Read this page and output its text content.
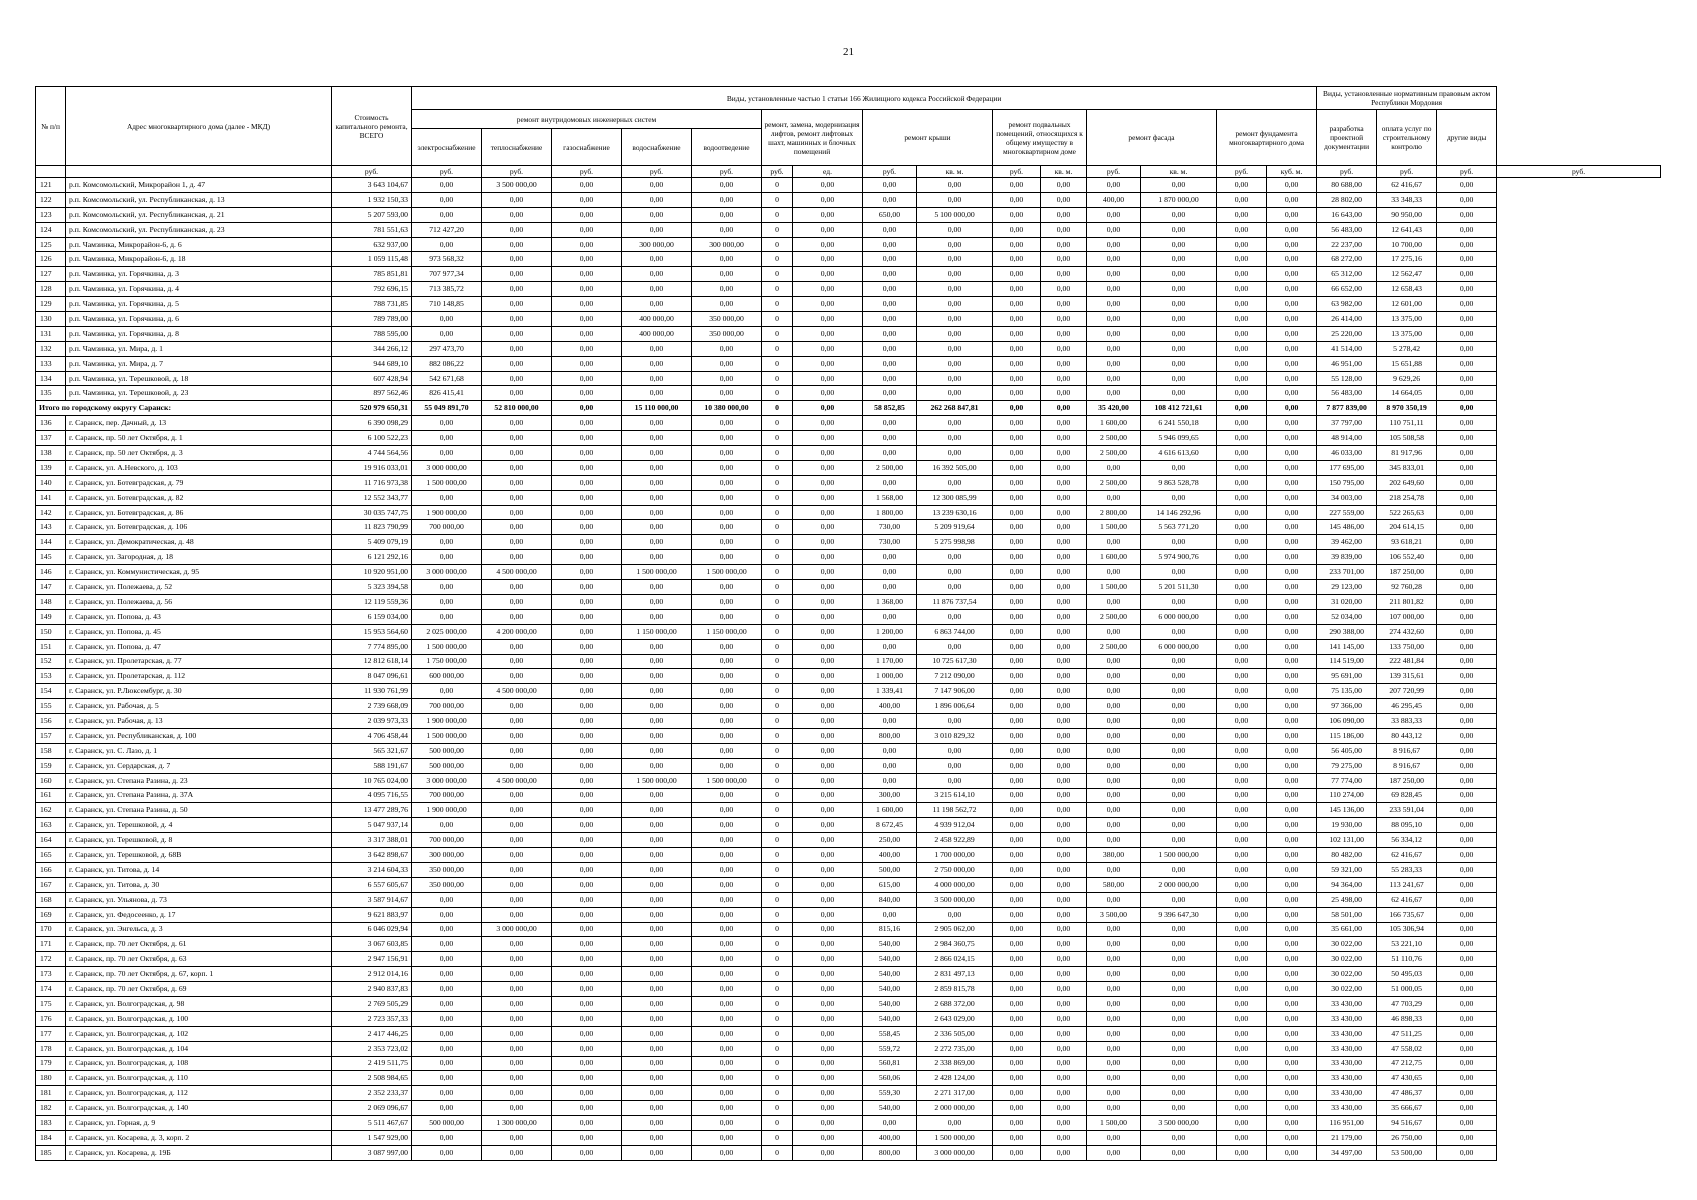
21
№ п/п	Адрес многоквартирного дома (далее - МКД)	Стоимость капитального ремонта, ВСЕГО	Виды, установленные частью 1 статьи 166 Жилищного кодекса Российской Федерации															Виды, установленные нормативным правовым актом Республики Мордовия			
			ремонт внутридомовых инженерных систем					ремонт, замена, модернизация лифтов, ремонт лифтовых шахт, машинных и блочных помещений		ремонт крыши		ремонт подвальных помещений, относящихся к общему имуществу в многоквартирном доме		ремонт фасада		ремонт фундамента многоквартирного дома		разработка проектной документации	оплата услуг по строительному контролю	другие виды	
			электроснабжение	теплоснабжение	газоснабжение	водоснабжение	водоотведение														
		руб.	руб.	руб.	руб.	руб.	руб.	руб.	ед.	руб.	кв. м.	руб.	кв. м.	руб.	кв. м.	руб.	куб. м.	руб.	руб.	руб.	руб.
121	р.п. Комсомольский, Микрорайон 1, д. 47	3 643 104,67	0,00	3 500 000,00	0,00	0,00	0,00	0	0,00	0,00	0,00	0,00	0,00	0,00	0,00	0,00	0,00	80 688,00	62 416,67	0,00	
122	р.п. Комсомольский, ул. Республиканская, д. 13	1 932 150,33	0,00	0,00	0,00	0,00	0,00	0	0,00	0,00	0,00	0,00	0,00	400,00	1 870 000,00	0,00	0,00	28 802,00	33 348,33	0,00	
123	р.п. Комсомольский, ул. Республиканская, д. 21	5 207 593,00	0,00	0,00	0,00	0,00	0,00	0	0,00	650,00	5 100 000,00	0,00	0,00	0,00	0,00	0,00	0,00	16 643,00	90 950,00	0,00	
124	р.п. Комсомольский, ул. Республиканская, д. 23	781 551,63	712 427,20	0,00	0,00	0,00	0,00	0	0,00	0,00	0,00	0,00	0,00	0,00	0,00	0,00	0,00	56 483,00	12 641,43	0,00	
125	р.п. Чамзинка, Микрорайон-6, д. 6	632 937,00	0,00	0,00	0,00	300 000,00	300 000,00	0	0,00	0,00	0,00	0,00	0,00	0,00	0,00	0,00	0,00	22 237,00	10 700,00	0,00	
126	р.п. Чамзинка, Микрорайон-6, д. 18	1 059 115,48	973 568,32	0,00	0,00	0,00	0,00	0	0,00	0,00	0,00	0,00	0,00	0,00	0,00	0,00	0,00	68 272,00	17 275,16	0,00	
127	р.п. Чамзинка, ул. Горячкина, д. 3	785 851,81	707 977,34	0,00	0,00	0,00	0,00	0	0,00	0,00	0,00	0,00	0,00	0,00	0,00	0,00	0,00	65 312,00	12 562,47	0,00	
128	р.п. Чамзинка, ул. Горячкина, д. 4	792 696,15	713 385,72	0,00	0,00	0,00	0,00	0	0,00	0,00	0,00	0,00	0,00	0,00	0,00	0,00	0,00	66 652,00	12 658,43	0,00	
129	р.п. Чамзинка, ул. Горячкина, д. 5	788 731,85	710 148,85	0,00	0,00	0,00	0,00	0	0,00	0,00	0,00	0,00	0,00	0,00	0,00	0,00	0,00	63 982,00	12 601,00	0,00	
130	р.п. Чамзинка, ул. Горячкина, д. 6	789 789,00	0,00	0,00	0,00	400 000,00	350 000,00	0	0,00	0,00	0,00	0,00	0,00	0,00	0,00	0,00	0,00	26 414,00	13 375,00	0,00	
131	р.п. Чамзинка, ул. Горячкина, д. 8	788 595,00	0,00	0,00	0,00	400 000,00	350 000,00	0	0,00	0,00	0,00	0,00	0,00	0,00	0,00	0,00	0,00	25 220,00	13 375,00	0,00	
132	р.п. Чамзинка, ул. Мира, д. 1	344 266,12	297 473,70	0,00	0,00	0,00	0,00	0	0,00	0,00	0,00	0,00	0,00	0,00	0,00	0,00	0,00	41 514,00	5 278,42	0,00	
133	р.п. Чамзинка, ул. Мира, д. 7	944 689,10	882 086,22	0,00	0,00	0,00	0,00	0	0,00	0,00	0,00	0,00	0,00	0,00	0,00	0,00	0,00	46 951,00	15 651,88	0,00	
134	р.п. Чамзинка, ул. Терешковой, д. 18	607 428,94	542 671,68	0,00	0,00	0,00	0,00	0	0,00	0,00	0,00	0,00	0,00	0,00	0,00	0,00	0,00	55 128,00	9 629,26	0,00	
135	р.п. Чамзинка, ул. Терешковой, д. 23	897 562,46	826 415,41	0,00	0,00	0,00	0,00	0	0,00	0,00	0,00	0,00	0,00	0,00	0,00	0,00	0,00	56 483,00	14 664,05	0,00	
Итого по городскому округу Саранск:		520 979 650,31	55 049 891,70	52 810 000,00	0,00	15 110 000,00	10 380 000,00	0	0,00	58 852,85	262 268 847,81	0,00	0,00	35 420,00	108 412 721,61	0,00	0,00	7 877 839,00	8 970 350,19	0,00	
136	г. Саранск, пер. Дачный, д. 13	6 390 098,29	0,00	0,00	0,00	0,00	0,00	0	0,00	0,00	0,00	0,00	0,00	1 600,00	6 241 550,18	0,00	0,00	37 797,00	110 751,11	0,00	
137	г. Саранск, пр. 50 лет Октября, д. 1	6 100 522,23	0,00	0,00	0,00	0,00	0,00	0	0,00	0,00	0,00	0,00	0,00	2 500,00	5 946 099,65	0,00	0,00	48 914,00	105 508,58	0,00	
138	г. Саранск, пр. 50 лет Октября, д. 3	4 744 564,56	0,00	0,00	0,00	0,00	0,00	0	0,00	0,00	0,00	0,00	0,00	2 500,00	4 616 613,60	0,00	0,00	46 033,00	81 917,96	0,00	
139	г. Саранск, ул. А.Невского, д. 103	19 916 033,01	3 000 000,00	0,00	0,00	0,00	0,00	0	0,00	2 500,00	16 392 505,00	0,00	0,00	0,00	0,00	0,00	0,00	177 695,00	345 833,01	0,00	
140	г. Саранск, ул. Ботевградская, д. 79	11 716 973,38	1 500 000,00	0,00	0,00	0,00	0,00	0	0,00	0,00	0,00	0,00	0,00	2 500,00	9 863 528,78	0,00	0,00	150 795,00	202 649,60	0,00	
141	г. Саранск, ул. Ботевградская, д. 82	12 552 343,77	0,00	0,00	0,00	0,00	0,00	0	0,00	1 568,00	12 300 085,99	0,00	0,00	0,00	0,00	0,00	0,00	34 003,00	218 254,78	0,00	
142	г. Саранск, ул. Ботевградская, д. 86	30 035 747,75	1 900 000,00	0,00	0,00	0,00	0,00	0	0,00	1 800,00	13 239 630,16	0,00	0,00	2 800,00	14 146 292,96	0,00	0,00	227 559,00	522 265,63	0,00	
143	г. Саранск, ул. Ботевградская, д. 106	11 823 790,99	700 000,00	0,00	0,00	0,00	0,00	0	0,00	730,00	5 209 919,64	0,00	0,00	1 500,00	5 563 771,20	0,00	0,00	145 486,00	204 614,15	0,00	
144	г. Саранск, ул. Демократическая, д. 48	5 409 079,19	0,00	0,00	0,00	0,00	0,00	0	0,00	730,00	5 275 998,98	0,00	0,00	0,00	0,00	0,00	0,00	39 462,00	93 618,21	0,00	
145	г. Саранск, ул. Загородная, д. 18	6 121 292,16	0,00	0,00	0,00	0,00	0,00	0	0,00	0,00	0,00	0,00	0,00	1 600,00	5 974 900,76	0,00	0,00	39 839,00	106 552,40	0,00	
146	г. Саранск, ул. Коммунистическая, д. 95	10 920 951,00	3 000 000,00	4 500 000,00	0,00	1 500 000,00	1 500 000,00	0	0,00	0,00	0,00	0,00	0,00	0,00	0,00	0,00	0,00	233 701,00	187 250,00	0,00	
147	г. Саранск, ул. Полежаева, д. 52	5 323 394,58	0,00	0,00	0,00	0,00	0,00	0	0,00	0,00	0,00	0,00	0,00	1 500,00	5 201 511,30	0,00	0,00	29 123,00	92 760,28	0,00	
148	г. Саранск, ул. Полежаева, д. 56	12 119 559,36	0,00	0,00	0,00	0,00	0,00	0	0,00	1 368,00	11 876 737,54	0,00	0,00	0,00	0,00	0,00	0,00	31 020,00	211 801,82	0,00	
149	г. Саранск, ул. Попова, д. 43	6 159 034,00	0,00	0,00	0,00	0,00	0,00	0	0,00	0,00	0,00	0,00	0,00	2 500,00	6 000 000,00	0,00	0,00	52 034,00	107 000,00	0,00	
150	г. Саранск, ул. Попова, д. 45	15 953 564,60	2 025 000,00	4 200 000,00	0,00	1 150 000,00	1 150 000,00	0	0,00	1 200,00	6 863 744,00	0,00	0,00	0,00	0,00	0,00	0,00	290 388,00	274 432,60	0,00	
151	г. Саранск, ул. Попова, д. 47	7 774 895,00	1 500 000,00	0,00	0,00	0,00	0,00	0	0,00	0,00	0,00	0,00	0,00	2 500,00	6 000 000,00	0,00	0,00	141 145,00	133 750,00	0,00	
152	г. Саранск, ул. Пролетарская, д. 77	12 812 618,14	1 750 000,00	0,00	0,00	0,00	0,00	0	0,00	1 170,00	10 725 617,30	0,00	0,00	0,00	0,00	0,00	0,00	114 519,00	222 481,84	0,00	
153	г. Саранск, ул. Пролетарская, д. 112	8 047 096,61	600 000,00	0,00	0,00	0,00	0,00	0	0,00	1 000,00	7 212 090,00	0,00	0,00	0,00	0,00	0,00	0,00	95 691,00	139 315,61	0,00	
154	г. Саранск, ул. Р.Люксембург, д. 30	11 930 761,99	0,00	4 500 000,00	0,00	0,00	0,00	0	0,00	1 339,41	7 147 906,00	0,00	0,00	0,00	0,00	0,00	0,00	75 135,00	207 720,99	0,00	
155	г. Саранск, ул. Рабочая, д. 5	2 739 668,09	700 000,00	0,00	0,00	0,00	0,00	0	0,00	400,00	1 896 006,64	0,00	0,00	0,00	0,00	0,00	0,00	97 366,00	46 295,45	0,00	
156	г. Саранск, ул. Рабочая, д. 13	2 039 973,33	1 900 000,00	0,00	0,00	0,00	0,00	0	0,00	0,00	0,00	0,00	0,00	0,00	0,00	0,00	0,00	106 090,00	33 883,33	0,00	
157	г. Саранск, ул. Республиканская, д. 100	4 706 458,44	1 500 000,00	0,00	0,00	0,00	0,00	0	0,00	800,00	3 010 829,32	0,00	0,00	0,00	0,00	0,00	0,00	115 186,00	80 443,12	0,00	
158	г. Саранск, ул. С. Лазо, д. 1	565 321,67	500 000,00	0,00	0,00	0,00	0,00	0	0,00	0,00	0,00	0,00	0,00	0,00	0,00	0,00	0,00	56 405,00	8 916,67	0,00	
159	г. Саранск, ул. Сердарская, д. 7	588 191,67	500 000,00	0,00	0,00	0,00	0,00	0	0,00	0,00	0,00	0,00	0,00	0,00	0,00	0,00	0,00	79 275,00	8 916,67	0,00	
160	г. Саранск, ул. Степана Разина, д. 23	10 765 024,00	3 000 000,00	4 500 000,00	0,00	1 500 000,00	1 500 000,00	0	0,00	0,00	0,00	0,00	0,00	0,00	0,00	0,00	0,00	77 774,00	187 250,00	0,00	
161	г. Саранск, ул. Степана Разина, д. 37А	4 095 716,55	700 000,00	0,00	0,00	0,00	0,00	0	0,00	300,00	3 215 614,10	0,00	0,00	0,00	0,00	0,00	0,00	110 274,00	69 828,45	0,00	
162	г. Саранск, ул. Степана Разина, д. 50	13 477 289,76	1 900 000,00	0,00	0,00	0,00	0,00	0	0,00	1 600,00	11 198 562,72	0,00	0,00	0,00	0,00	0,00	0,00	145 136,00	233 591,04	0,00	
163	г. Саранск, ул. Терешковой, д. 4	5 047 937,14	0,00	0,00	0,00	0,00	0,00	0	0,00	8 672,45	4 939 912,04	0,00	0,00	0,00	0,00	0,00	0,00	19 930,00	88 095,10	0,00	
164	г. Саранск, ул. Терешковой, д. 8	3 317 388,01	700 000,00	0,00	0,00	0,00	0,00	0	0,00	250,00	2 458 922,89	0,00	0,00	0,00	0,00	0,00	0,00	102 131,00	56 334,12	0,00	
165	г. Саранск, ул. Терешковой, д. 68В	3 642 898,67	300 000,00	0,00	0,00	0,00	0,00	0	0,00	400,00	1 700 000,00	0,00	0,00	380,00	1 500 000,00	0,00	0,00	80 482,00	62 416,67	0,00	
166	г. Саранск, ул. Титова, д. 14	3 214 604,33	350 000,00	0,00	0,00	0,00	0,00	0	0,00	500,00	2 750 000,00	0,00	0,00	0,00	0,00	0,00	0,00	59 321,00	55 283,33	0,00	
167	г. Саранск, ул. Титова, д. 30	6 557 605,67	350 000,00	0,00	0,00	0,00	0,00	0	0,00	615,00	4 000 000,00	0,00	0,00	580,00	2 000 000,00	0,00	0,00	94 364,00	113 241,67	0,00	
168	г. Саранск, ул. Ульянова, д. 73	3 587 914,67	0,00	0,00	0,00	0,00	0,00	0	0,00	840,00	3 500 000,00	0,00	0,00	0,00	0,00	0,00	0,00	25 498,00	62 416,67	0,00	
169	г. Саранск, ул. Федосеенко, д. 17	9 621 883,97	0,00	0,00	0,00	0,00	0,00	0	0,00	0,00	0,00	0,00	0,00	3 500,00	9 396 647,30	0,00	0,00	58 501,00	166 735,67	0,00	
170	г. Саранск, ул. Энгельса, д. 3	6 046 029,94	0,00	3 000 000,00	0,00	0,00	0,00	0	0,00	815,16	2 905 062,00	0,00	0,00	0,00	0,00	0,00	0,00	35 661,00	105 306,94	0,00	
171	г. Саранск, пр. 70 лет Октября, д. 61	3 067 603,85	0,00	0,00	0,00	0,00	0,00	0	0,00	540,00	2 984 360,75	0,00	0,00	0,00	0,00	0,00	0,00	30 022,00	53 221,10	0,00	
172	г. Саранск, пр. 70 лет Октября, д. 63	2 947 156,91	0,00	0,00	0,00	0,00	0,00	0	0,00	540,00	2 866 024,15	0,00	0,00	0,00	0,00	0,00	0,00	30 022,00	51 110,76	0,00	
173	г. Саранск, пр. 70 лет Октября, д. 67, корп. 1	2 912 014,16	0,00	0,00	0,00	0,00	0,00	0	0,00	540,00	2 831 497,13	0,00	0,00	0,00	0,00	0,00	0,00	30 022,00	50 495,03	0,00	
174	г. Саранск, пр. 70 лет Октября, д. 69	2 940 837,83	0,00	0,00	0,00	0,00	0,00	0	0,00	540,00	2 859 815,78	0,00	0,00	0,00	0,00	0,00	0,00	30 022,00	51 000,05	0,00	
175	г. Саранск, ул. Волгоградская, д. 98	2 769 505,29	0,00	0,00	0,00	0,00	0,00	0	0,00	540,00	2 688 372,00	0,00	0,00	0,00	0,00	0,00	0,00	33 430,00	47 703,29	0,00	
176	г. Саранск, ул. Волгоградская, д. 100	2 723 357,33	0,00	0,00	0,00	0,00	0,00	0	0,00	540,00	2 643 029,00	0,00	0,00	0,00	0,00	0,00	0,00	33 430,00	46 898,33	0,00	
177	г. Саранск, ул. Волгоградская, д. 102	2 417 446,25	0,00	0,00	0,00	0,00	0,00	0	0,00	558,45	2 336 505,00	0,00	0,00	0,00	0,00	0,00	0,00	33 430,00	47 511,25	0,00	
178	г. Саранск, ул. Волгоградская, д. 104	2 353 723,02	0,00	0,00	0,00	0,00	0,00	0	0,00	559,72	2 272 735,00	0,00	0,00	0,00	0,00	0,00	0,00	33 430,00	47 558,02	0,00	
179	г. Саранск, ул. Волгоградская, д. 108	2 419 511,75	0,00	0,00	0,00	0,00	0,00	0	0,00	560,81	2 338 869,00	0,00	0,00	0,00	0,00	0,00	0,00	33 430,00	47 212,75	0,00	
180	г. Саранск, ул. Волгоградская, д. 110	2 508 984,65	0,00	0,00	0,00	0,00	0,00	0	0,00	560,06	2 428 124,00	0,00	0,00	0,00	0,00	0,00	0,00	33 430,00	47 430,65	0,00	
181	г. Саранск, ул. Волгоградская, д. 112	2 352 233,37	0,00	0,00	0,00	0,00	0,00	0	0,00	559,30	2 271 317,00	0,00	0,00	0,00	0,00	0,00	0,00	33 430,00	47 486,37	0,00	
182	г. Саранск, ул. Волгоградская, д. 140	2 069 096,67	0,00	0,00	0,00	0,00	0,00	0	0,00	540,00	2 000 000,00	0,00	0,00	0,00	0,00	0,00	0,00	33 430,00	35 666,67	0,00	
183	г. Саранск, ул. Горная, д. 9	5 511 467,67	500 000,00	1 300 000,00	0,00	0,00	0,00	0	0,00	0,00	0,00	0,00	0,00	1 500,00	3 500 000,00	0,00	0,00	116 951,00	94 516,67	0,00	
184	г. Саранск, ул. Косарева, д. 3, корп. 2	1 547 929,00	0,00	0,00	0,00	0,00	0,00	0	0,00	400,00	1 500 000,00	0,00	0,00	0,00	0,00	0,00	0,00	21 179,00	26 750,00	0,00	
185	г. Саранск, ул. Косарева, д. 19Б	3 087 997,00	0,00	0,00	0,00	0,00	0,00	0	0,00	800,00	3 000 000,00	0,00	0,00	0,00	0,00	0,00	0,00	34 497,00	53 500,00	0,00	
